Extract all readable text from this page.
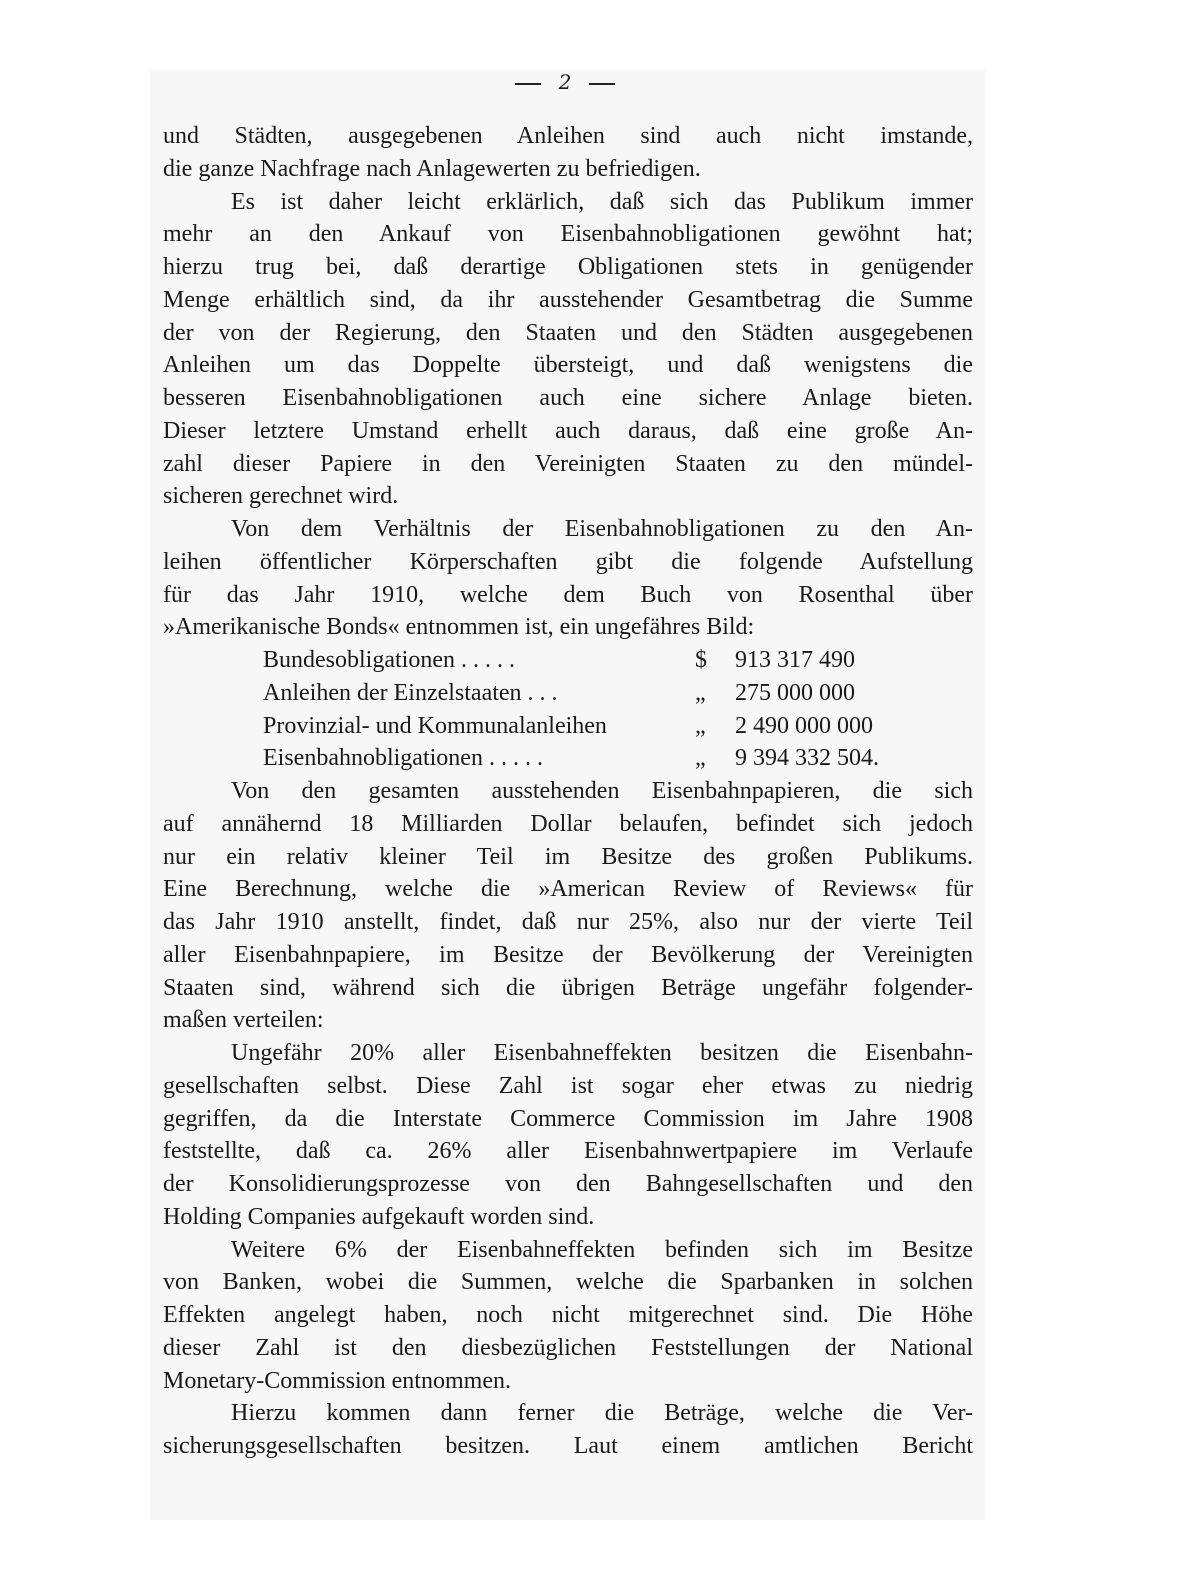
2
und Städten, ausgegebenen Anleihen sind auch nicht imstande,
die ganze Nachfrage nach Anlagewerten zu befriedigen.
Es ist daher leicht erklärlich, daß sich das Publikum immer
mehr an den Ankauf von Eisenbahnobligationen gewöhnt hat;
hierzu trug bei, daß derartige Obligationen stets in genügender
Menge erhältlich sind, da ihr ausstehender Gesamtbetrag die Summe
der von der Regierung, den Staaten und den Städten ausgegebenen
Anleihen um das Doppelte übersteigt, und daß wenigstens die
besseren Eisenbahnobligationen auch eine sichere Anlage bieten.
Dieser letztere Umstand erhellt auch daraus, daß eine große An-
zahl dieser Papiere in den Vereinigten Staaten zu den mündel-
sicheren gerechnet wird.
Von dem Verhältnis der Eisenbahnobligationen zu den An-
leihen öffentlicher Körperschaften gibt die folgende Aufstellung
für das Jahr 1910, welche dem Buch von Rosenthal über
»Amerikanische Bonds« entnommen ist, ein ungefähres Bild:
Bundesobligationen . . . . .	$	913 317 490
Anleihen der Einzelstaaten . . .	„	275 000 000
Provinzial- und Kommunalanleihen	„	2 490 000 000
Eisenbahnobligationen . . . . .	„	9 394 332 504.
Von den gesamten ausstehenden Eisenbahnpapieren, die sich
auf annähernd 18 Milliarden Dollar belaufen, befindet sich jedoch
nur ein relativ kleiner Teil im Besitze des großen Publikums.
Eine Berechnung, welche die »American Review of Reviews« für
das Jahr 1910 anstellt, findet, daß nur 25%, also nur der vierte Teil
aller Eisenbahnpapiere, im Besitze der Bevölkerung der Vereinigten
Staaten sind, während sich die übrigen Beträge ungefähr folgender-
maßen verteilen:
Ungefähr 20% aller Eisenbahneffekten besitzen die Eisenbahn-
gesellschaften selbst. Diese Zahl ist sogar eher etwas zu niedrig
gegriffen, da die Interstate Commerce Commission im Jahre 1908
feststellte, daß ca. 26% aller Eisenbahnwertpapiere im Verlaufe
der Konsolidierungsprozesse von den Bahngesellschaften und den
Holding Companies aufgekauft worden sind.
Weitere 6% der Eisenbahneffekten befinden sich im Besitze
von Banken, wobei die Summen, welche die Sparbanken in solchen
Effekten angelegt haben, noch nicht mitgerechnet sind. Die Höhe
dieser Zahl ist den diesbezüglichen Feststellungen der National
Monetary-Commission entnommen.
Hierzu kommen dann ferner die Beträge, welche die Ver-
sicherungsgesellschaften besitzen. Laut einem amtlichen Bericht
